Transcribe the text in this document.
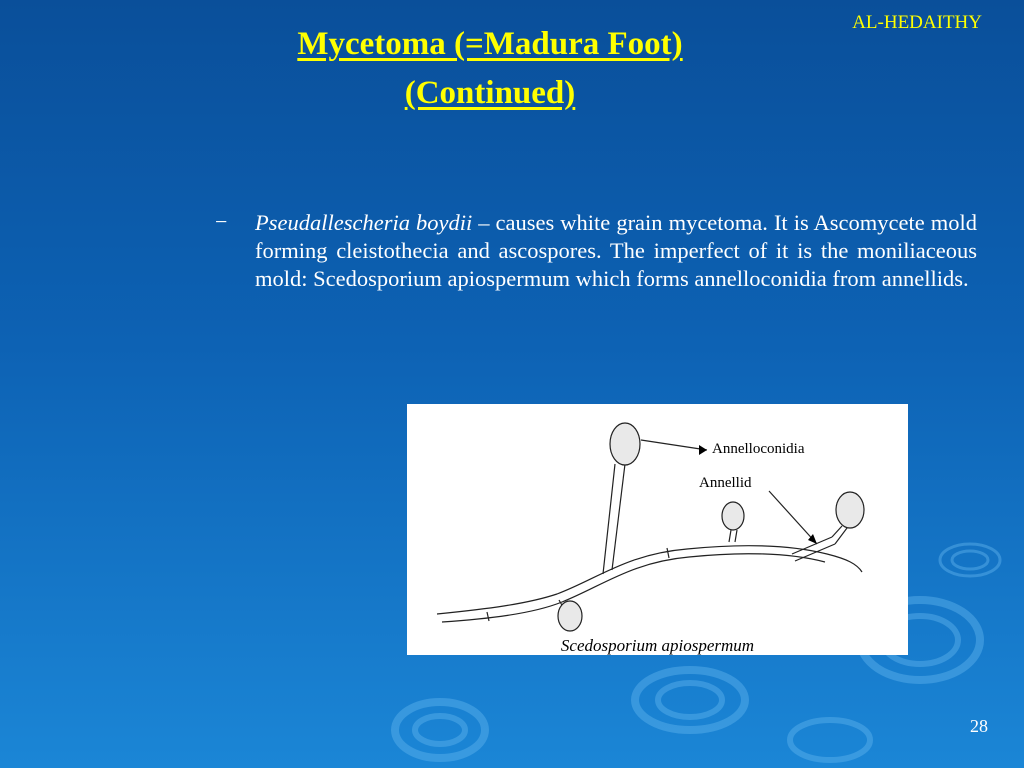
AL-HEDAITHY
Mycetoma (=Madura Foot)
(Continued)
− Pseudallescheria boydii – causes white grain mycetoma. It is Ascomycete mold forming cleistothecia and ascospores. The imperfect of it is the moniliaceous mold: Scedosporium apiospermum which forms annelloconidia from annellids.
Annelloconidia
Annellid
Scedosporium apiospermum
28
